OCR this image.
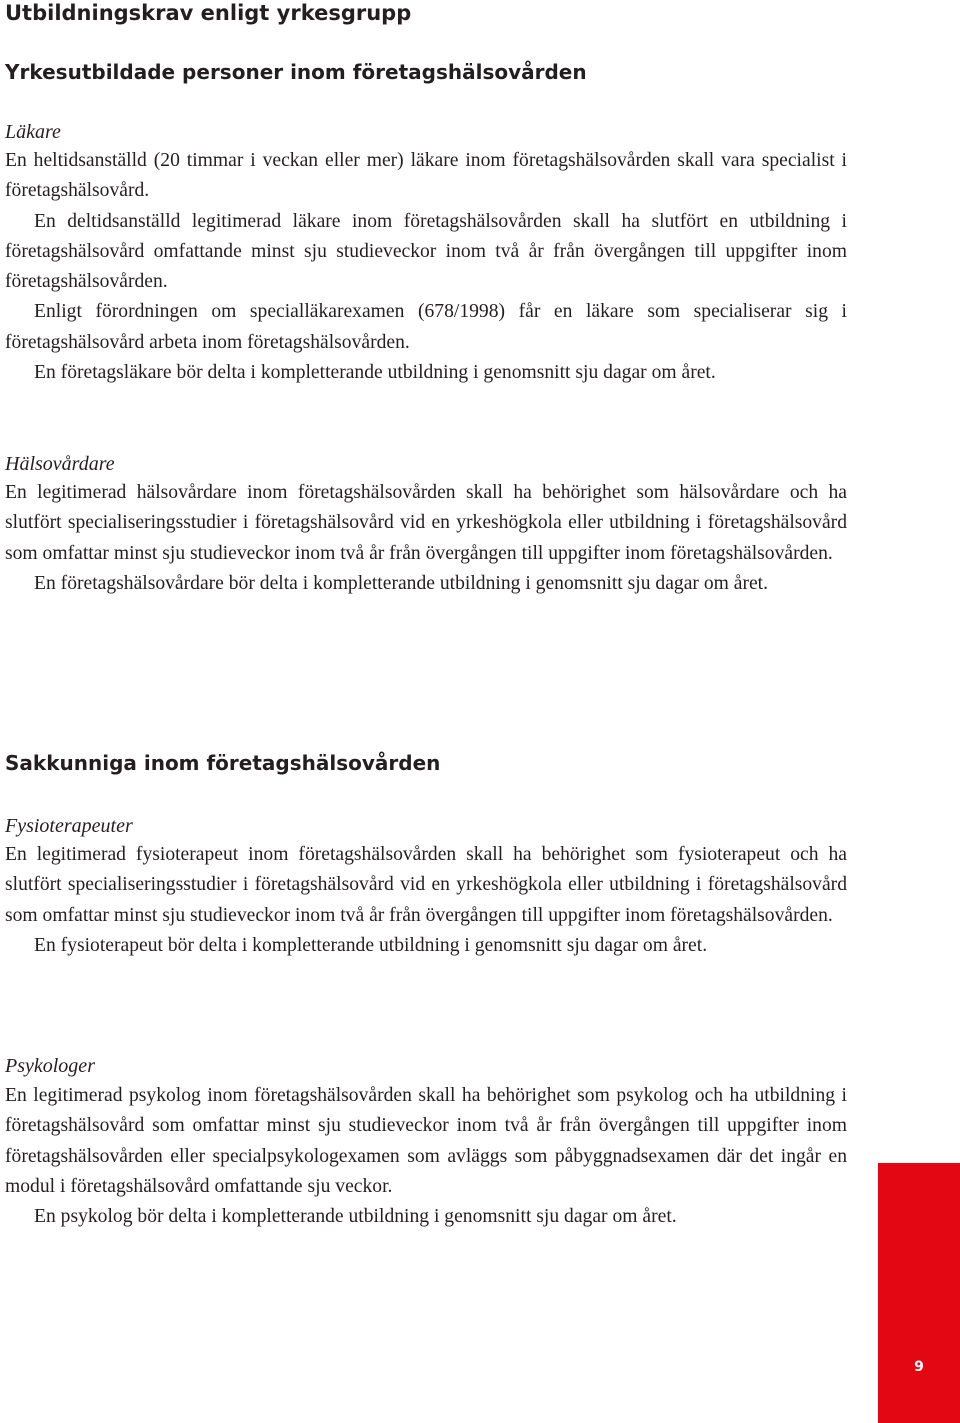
Utbildningskrav enligt yrkesgrupp
Yrkesutbildade personer inom företagshälsovården
Läkare

En heltidsanställd (20 timmar i veckan eller mer) läkare inom företagshälsovården skall vara specialist i företagshälsovård.

En deltidsanställd legitimerad läkare inom företagshälsovården skall ha slutfört en utbildning i företagshälsovård omfattande minst sju studieveckor inom två år från övergången till uppgifter inom företagshälsovården.

Enligt förordningen om specialläkarexamen (678/1998) får en läkare som specialiserar sig i företagshälsovård arbeta inom företagshälsovården.

En företagsläkare bör delta i kompletterande utbildning i genomsnitt sju dagar om året.

Hälsovårdare

En legitimerad hälsovårdare inom företagshälsovården skall ha behörighet som hälsovårdare och ha slutfört specialiseringsstudier i företagshälsovård vid en yrkeshögkola eller utbildning i företagshälsovård som omfattar minst sju studieveckor inom två år från övergången till uppgifter inom företagshälsovården.

En företagshälsovårdare bör delta i kompletterande utbildning i genomsnitt sju dagar om året.

Sakkunniga inom företagshälsovården
Fysioterapeuter

En legitimerad fysioterapeut inom företagshälsovården skall ha behörighet som fysioterapeut och ha slutfört specialiseringsstudier i företagshälsovård vid en yrkeshögkola eller utbildning i företagshälsovård som omfattar minst sju studieveckor inom två år från övergången till uppgifter inom företagshälsovården.

En fysioterapeut bör delta i kompletterande utbildning i genomsnitt sju dagar om året.

Psykologer

En legitimerad psykolog inom företagshälsovården skall ha behörighet som psykolog och ha utbildning i företagshälsovård som omfattar minst sju studieveckor inom två år från övergången till uppgifter inom företagshälsovården eller specialpsykologexamen som avläggs som påbyggnadsexamen där det ingår en modul i företagshälsovård omfattande sju veckor.

En psykolog bör delta i kompletterande utbildning i genomsnitt sju dagar om året.

9
